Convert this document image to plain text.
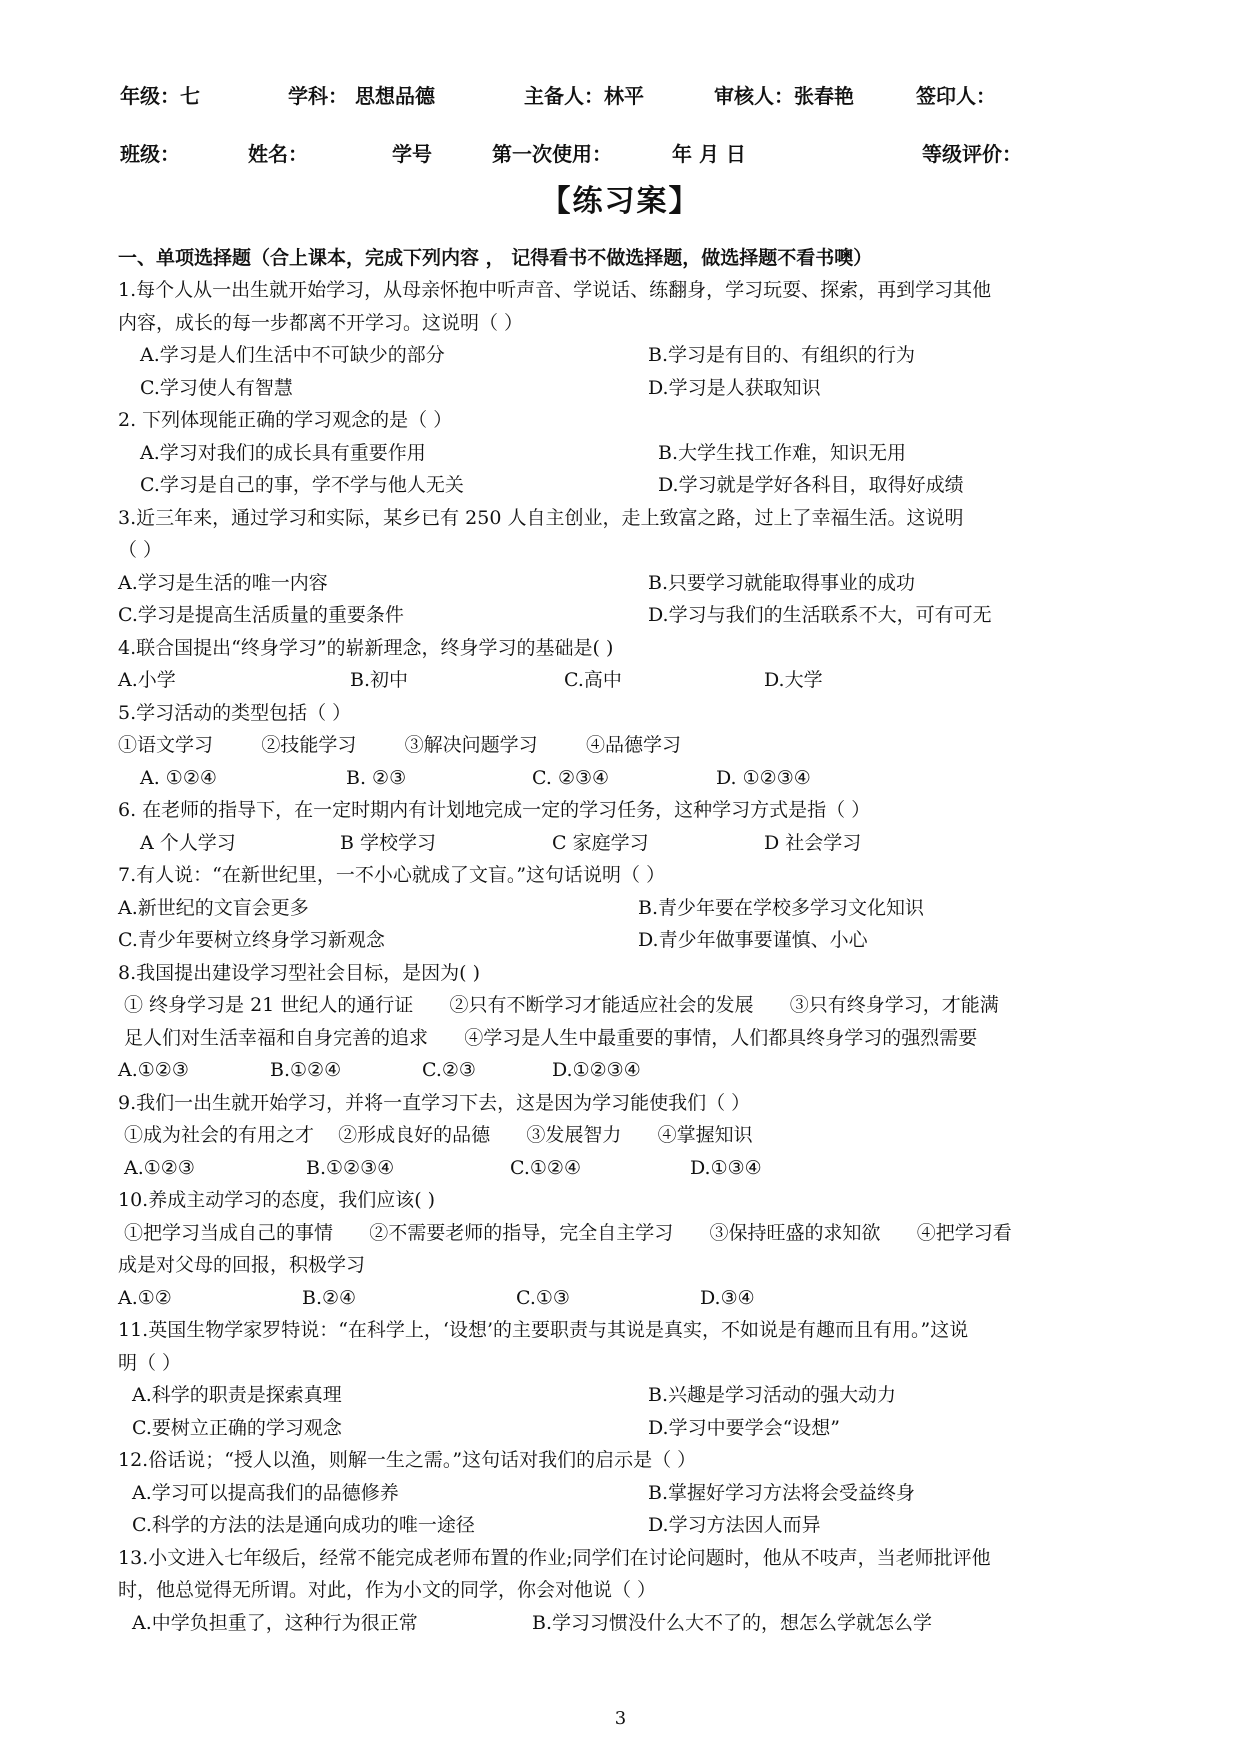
年级：七	学科： 思想品德	主备人：林平	审核人：张春艳	签印人：
班级：	姓名：	学号	第一次使用：	年 月 日	等级评价：
【练习案】
一、单项选择题（合上课本，完成下列内容 ， 记得看书不做选择题，做选择题不看书噢）
1.每个人从一出生就开始学习，从母亲怀抱中听声音、学说话、练翻身，学习玩耍、探索，再到学习其他
内容，成长的每一步都离不开学习。这说明（ ）
A.学习是人们生活中不可缺少的部分	B.学习是有目的、有组织的行为
C.学习使人有智慧	D.学习是人获取知识
2. 下列体现能正确的学习观念的是（ ）
A.学习对我们的成长具有重要作用	B.大学生找工作难，知识无用
C.学习是自己的事，学不学与他人无关	D.学习就是学好各科目，取得好成绩
3.近三年来，通过学习和实际，某乡已有 250 人自主创业，走上致富之路，过上了幸福生活。这说明
（ ）
A.学习是生活的唯一内容	B.只要学习就能取得事业的成功
C.学习是提高生活质量的重要条件	D.学习与我们的生活联系不大，可有可无
4.联合国提出“终身学习”的崭新理念，终身学习的基础是( )
A.小学	B.初中	C.高中	D.大学
5.学习活动的类型包括（ ）
①语文学习        ②技能学习        ③解决问题学习        ④品德学习
A. ①②④	B. ②③	C. ②③④	D. ①②③④
6. 在老师的指导下，在一定时期内有计划地完成一定的学习任务，这种学习方式是指（ ）
A 个人学习	B 学校学习	C 家庭学习	D 社会学习
7.有人说：“在新世纪里，一不小心就成了文盲。”这句话说明（ ）
A.新世纪的文盲会更多	B.青少年要在学校多学习文化知识
C.青少年要树立终身学习新观念	D.青少年做事要谨慎、小心
8.我国提出建设学习型社会目标，是因为( )
① 终身学习是 21 世纪人的通行证      ②只有不断学习才能适应社会的发展      ③只有终身学习，才能满
足人们对生活幸福和自身完善的追求      ④学习是人生中最重要的事情，人们都具终身学习的强烈需要
A.①②③	B.①②④	C.②③	D.①②③④
9.我们一出生就开始学习，并将一直学习下去，这是因为学习能使我们（ ）
①成为社会的有用之才    ②形成良好的品德      ③发展智力      ④掌握知识
A.①②③	B.①②③④	C.①②④	D.①③④
10.养成主动学习的态度，我们应该( )
①把学习当成自己的事情      ②不需要老师的指导，完全自主学习      ③保持旺盛的求知欲      ④把学习看
成是对父母的回报，积极学习
A.①②	B.②④	C.①③	D.③④
11.英国生物学家罗特说：“在科学上，‘设想’的主要职责与其说是真实，不如说是有趣而且有用。”这说
明（ ）
A.科学的职责是探索真理	B.兴趣是学习活动的强大动力
C.要树立正确的学习观念	D.学习中要学会“设想”
12.俗话说；“授人以渔，则解一生之需。”这句话对我们的启示是（ ）
A.学习可以提高我们的品德修养	B.掌握好学习方法将会受益终身
C.科学的方法的法是通向成功的唯一途径	D.学习方法因人而异
13.小文进入七年级后，经常不能完成老师布置的作业;同学们在讨论问题时，他从不吱声，当老师批评他
时，他总觉得无所谓。对此，作为小文的同学，你会对他说（ ）
A.中学负担重了，这种行为很正常	B.学习习惯没什么大不了的，想怎么学就怎么学
3
